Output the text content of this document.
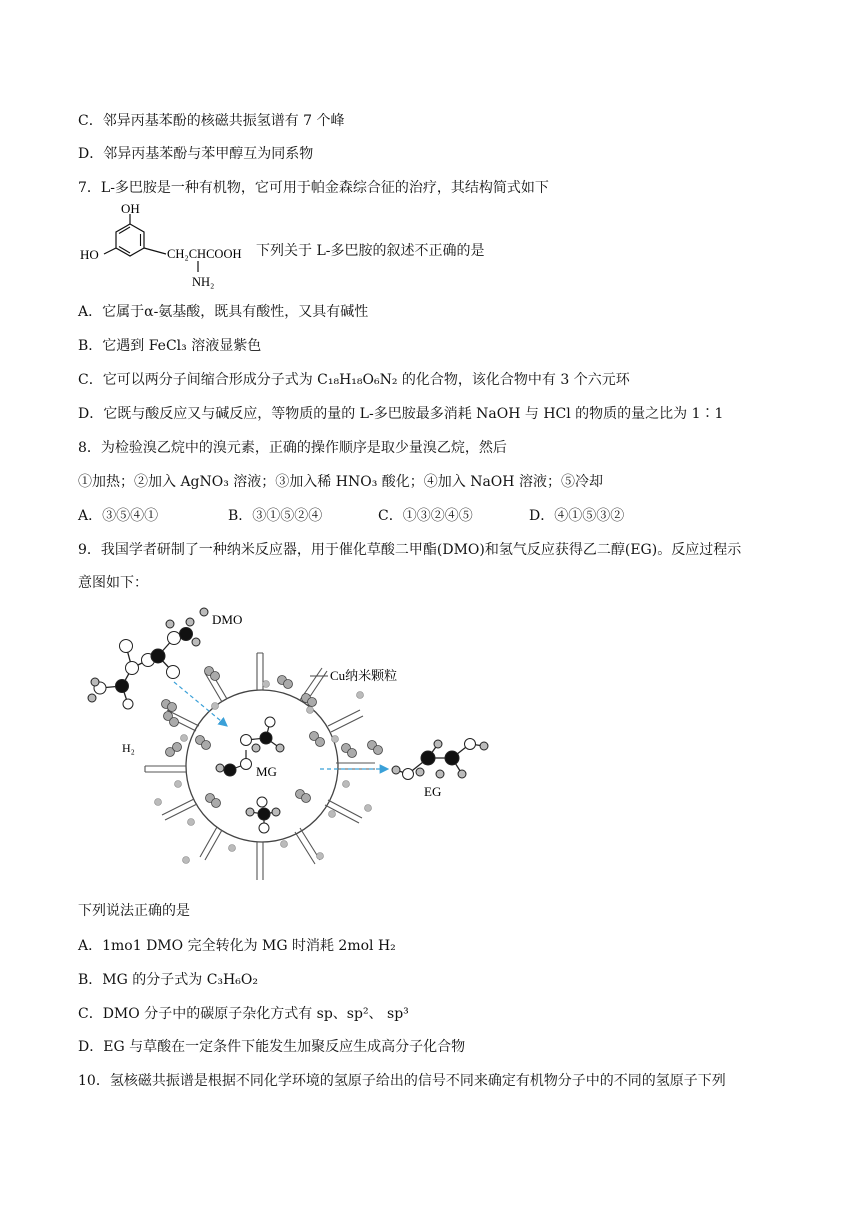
C．邻异丙基苯酚的核磁共振氢谱有 7 个峰
D．邻异丙基苯酚与苯甲醇互为同系物
7．L-多巴胺是一种有机物，它可用于帕金森综合征的治疗，其结构简式如下
OH
HO	CH₂CHCOOH
NH₂
下列关于 L-多巴胺的叙述不正确的是
A．它属于α-氨基酸，既具有酸性，又具有碱性
B．它遇到 FeCl₃ 溶液显紫色
C．它可以两分子间缩合形成分子式为 C₁₈H₁₈O₆N₂ 的化合物，该化合物中有 3 个六元环
D．它既与酸反应又与碱反应，等物质的量的 L-多巴胺最多消耗 NaOH 与 HCl 的物质的量之比为 1∶1
8．为检验溴乙烷中的溴元素，正确的操作顺序是取少量溴乙烷，然后
①加热；②加入 AgNO₃ 溶液；③加入稀 HNO₃ 酸化；④加入 NaOH 溶液；⑤冷却
A．③⑤④①	B．③①⑤②④	C．①③②④⑤	D．④①⑤③②
9．我国学者研制了一种纳米反应器，用于催化草酸二甲酯(DMO)和氢气反应获得乙二醇(EG)。反应过程示
意图如下：
DMO
Cu纳米颗粒
H₂
MG
EG
下列说法正确的是
A．1mo1 DMO 完全转化为 MG 时消耗 2mol H₂
B．MG 的分子式为 C₃H₆O₂
C．DMO 分子中的碳原子杂化方式有 sp、sp²、 sp³
D．EG 与草酸在一定条件下能发生加聚反应生成高分子化合物
10．氢核磁共振谱是根据不同化学环境的氢原子给出的信号不同来确定有机物分子中的不同的氢原子下列
